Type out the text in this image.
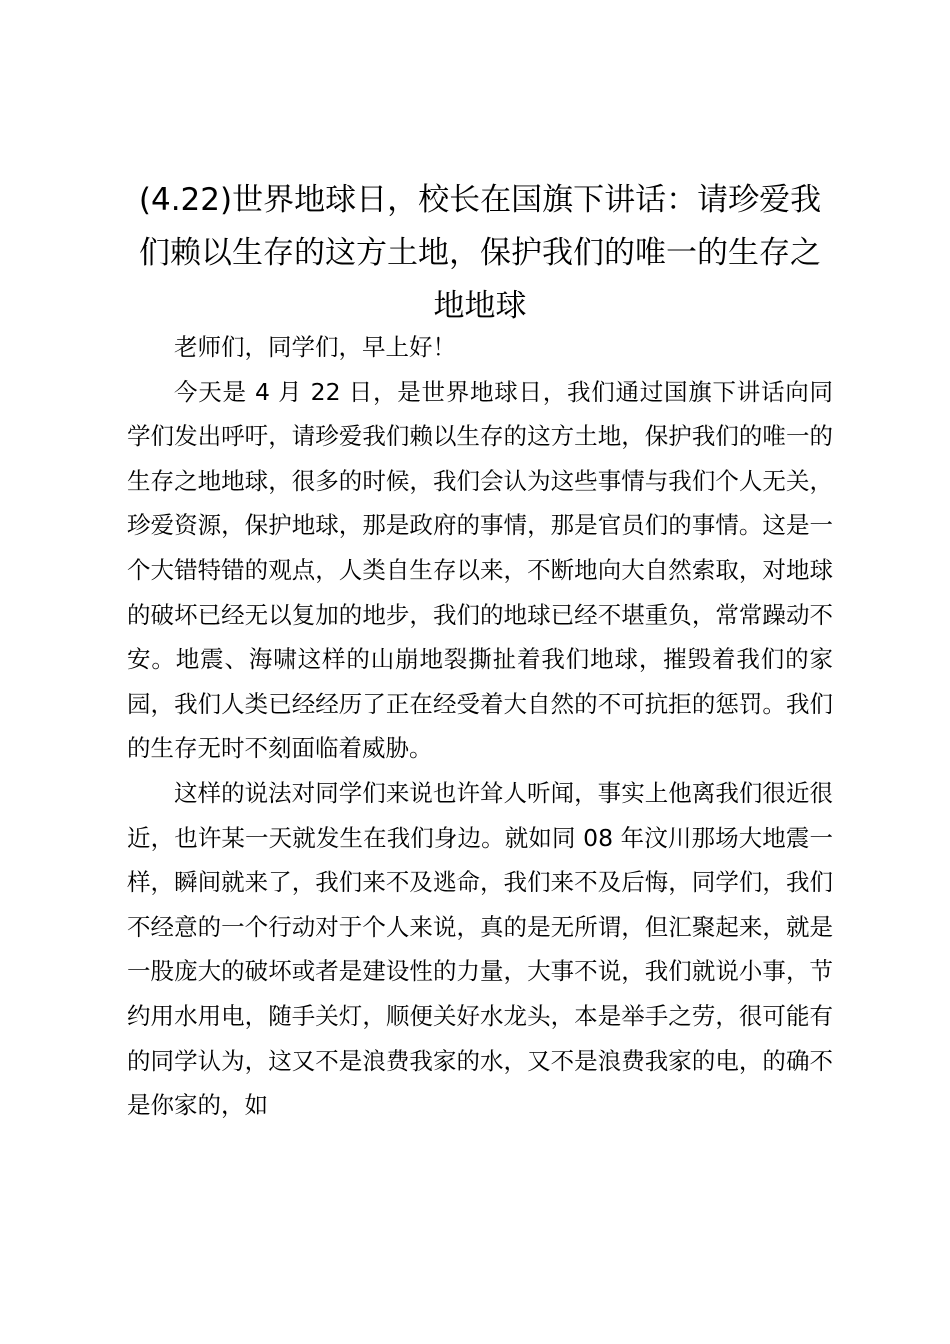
(4.22)世界地球日，校长在国旗下讲话：请珍爱我们赖以生存的这方土地，保护我们的唯一的生存之地地球

老师们，同学们，早上好！

今天是 4 月 22 日，是世界地球日，我们通过国旗下讲话向同学们发出呼吁，请珍爱我们赖以生存的这方土地，保护我们的唯一的生存之地地球，很多的时候，我们会认为这些事情与我们个人无关，珍爱资源，保护地球，那是政府的事情，那是官员们的事情。这是一个大错特错的观点，人类自生存以来，不断地向大自然索取，对地球的破坏已经无以复加的地步，我们的地球已经不堪重负，常常躁动不安。地震、海啸这样的山崩地裂撕扯着我们地球，摧毁着我们的家园，我们人类已经经历了正在经受着大自然的不可抗拒的惩罚。我们的生存无时不刻面临着威胁。

这样的说法对同学们来说也许耸人听闻，事实上他离我们很近很近，也许某一天就发生在我们身边。就如同 08 年汶川那场大地震一样，瞬间就来了，我们来不及逃命，我们来不及后悔，同学们，我们不经意的一个行动对于个人来说，真的是无所谓，但汇聚起来，就是一股庞大的破坏或者是建设性的力量，大事不说，我们就说小事，节约用水用电，随手关灯，顺便关好水龙头，本是举手之劳，很可能有的同学认为，这又不是浪费我家的水，又不是浪费我家的电，的确不是你家的，如
